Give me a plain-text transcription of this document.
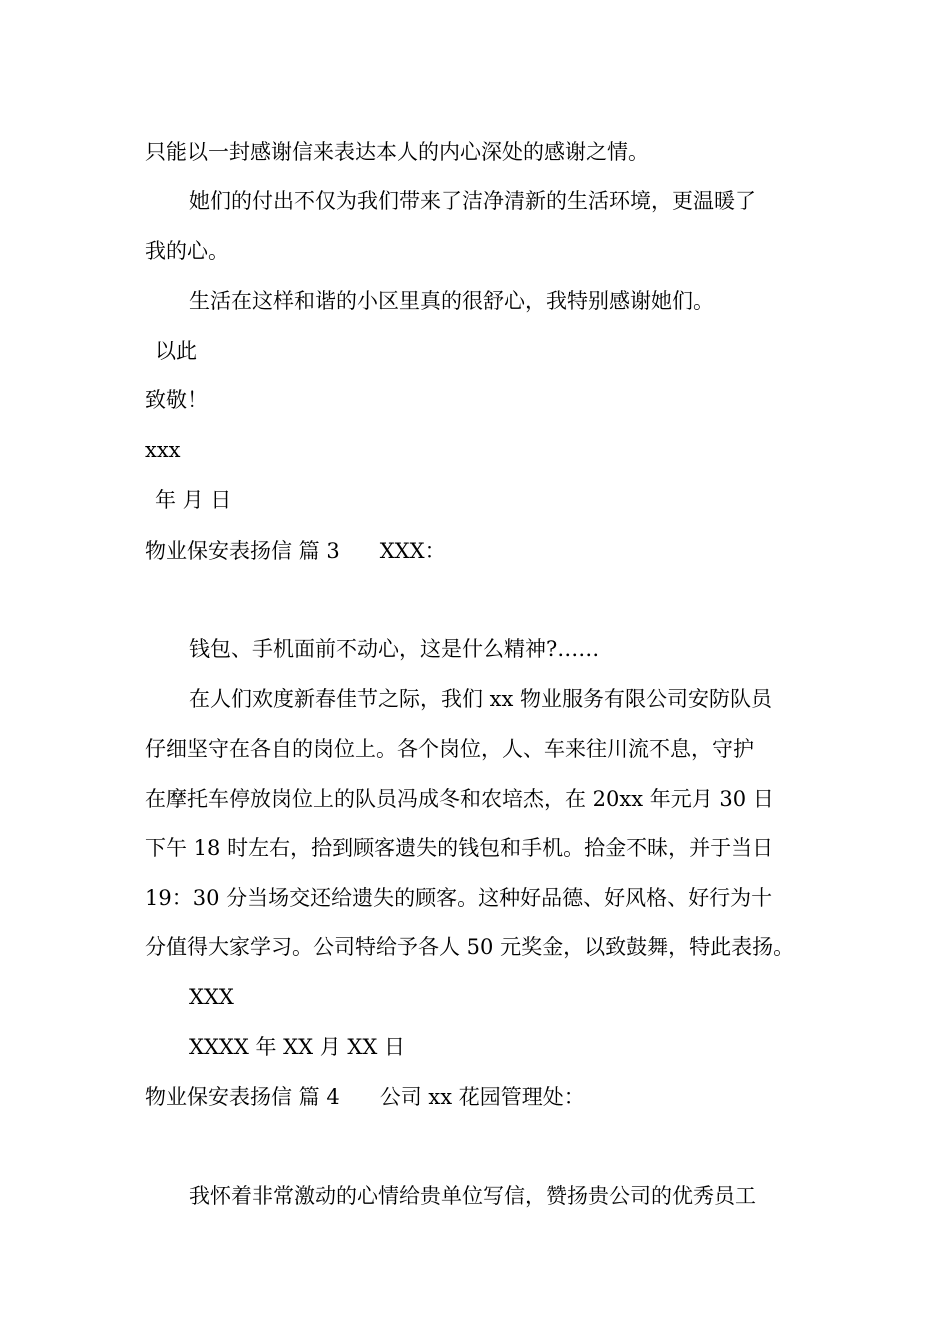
只能以一封感谢信来表达本人的内心深处的感谢之情。
她们的付出不仅为我们带来了洁净清新的生活环境，更温暖了
我的心。
生活在这样和谐的小区里真的很舒心，我特别感谢她们。
以此
致敬！
xxx
年 月 日
物业保安表扬信 篇 3 XXX：
钱包、手机面前不动心，这是什么精神?……
在人们欢度新春佳节之际，我们 xx 物业服务有限公司安防队员
仔细坚守在各自的岗位上。各个岗位，人、车来往川流不息，守护
在摩托车停放岗位上的队员冯成冬和农培杰，在 20xx 年元月 30 日
下午 18 时左右，拾到顾客遗失的钱包和手机。拾金不昧，并于当日
19：30 分当场交还给遗失的顾客。这种好品德、好风格、好行为十
分值得大家学习。公司特给予各人 50 元奖金，以致鼓舞，特此表扬。
XXX
XXXX 年 XX 月 XX 日
物业保安表扬信 篇 4 公司 xx 花园管理处：
我怀着非常激动的心情给贵单位写信，赞扬贵公司的优秀员工
